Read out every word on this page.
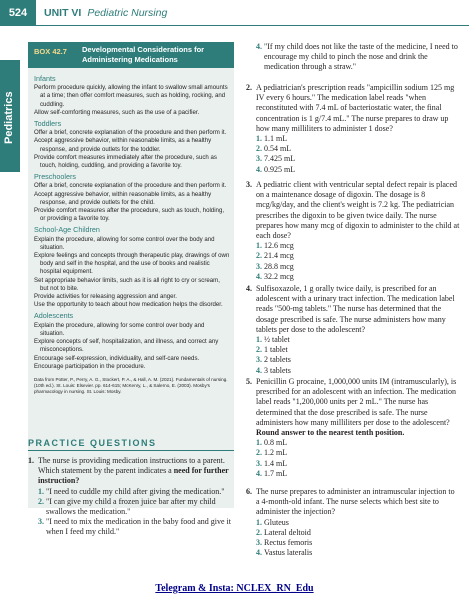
524	UNIT VI Pediatric Nursing
Pediatrics
BOX 42.7 Developmental Considerations for Administering Medications
Infants

Perform procedure quickly, allowing the infant to swallow small amounts at a time; then offer comfort measures, such as holding, rocking, and cuddling.

Allow self-comforting measures, such as the use of a pacifier.

Toddlers

Offer a brief, concrete explanation of the procedure and then perform it.

Accept aggressive behavior, within reasonable limits, as a healthy response, and provide outlets for the toddler.

Provide comfort measures immediately after the procedure, such as touch, holding, cuddling, and providing a favorite toy.

Preschoolers

Offer a brief, concrete explanation of the procedure and then perform it.

Accept aggressive behavior, within reasonable limits, as a healthy response, and provide outlets for the child.

Provide comfort measures after the procedure, such as touch, holding, or providing a favorite toy.

School-Age Children

Explain the procedure, allowing for some control over the body and situation.

Explore feelings and concepts through therapeutic play, drawings of own body and self in the hospital, and the use of books and realistic hospital equipment.

Set appropriate behavior limits, such as it is all right to cry or scream, but not to bite.

Provide activities for releasing aggression and anger.

Use the opportunity to teach about how medication helps the disorder.

Adolescents

Explain the procedure, allowing for some control over body and situation.

Explore concepts of self, hospitalization, and illness, and correct any misconceptions.

Encourage self-expression, individuality, and self-care needs.

Encourage participation in the procedure.

Data from Potter, P., Perry, A. G., Stockert, P. A., & Hall, A. M. (2021). Fundamentals of nursing. (10th ed.). St. Louis: Elsevier. pp. 614-615; McKenry, L., & Salerno, E. (2003). Mosby's pharmacology in nursing. St. Louis: Mosby.

PRACTICE QUESTIONS
1. The nurse is providing medication instructions to a parent. Which statement by the parent indicates a need for further instruction?
1. "I need to cuddle my child after giving the medication."
2. "I can give my child a frozen juice bar after my child swallows the medication."
3. "I need to mix the medication in the baby food and give it when I feed my child."
4. "If my child does not like the taste of the medicine, I need to encourage my child to pinch the nose and drink the medication through a straw."
2. A pediatrician's prescription reads "ampicillin sodium 125 mg IV every 6 hours." The medication label reads "when reconstituted with 7.4 mL of bacteriostatic water, the final concentration is 1 g/7.4 mL." The nurse prepares to draw up how many milliliters to administer 1 dose?
1. 1.1 mL
2. 0.54 mL
3. 7.425 mL
4. 0.925 mL
3. A pediatric client with ventricular septal defect repair is placed on a maintenance dosage of digoxin. The dosage is 8 mcg/kg/day, and the client's weight is 7.2 kg. The pediatrician prescribes the digoxin to be given twice daily. The nurse prepares how many mcg of digoxin to administer to the child at each dose?
1. 12.6 mcg
2. 21.4 mcg
3. 28.8 mcg
4. 32.2 mcg
4. Sulfisoxazole, 1 g orally twice daily, is prescribed for an adolescent with a urinary tract infection. The medication label reads "500-mg tablets." The nurse has determined that the dosage prescribed is safe. The nurse administers how many tablets per dose to the adolescent?
1. ½ tablet
2. 1 tablet
3. 2 tablets
4. 3 tablets
5. Penicillin G procaine, 1,000,000 units IM (intramuscularly), is prescribed for an adolescent with an infection. The medication label reads "1,200,000 units per 2 mL." The nurse has determined that the dose prescribed is safe. The nurse administers how many milliliters per dose to the adolescent? Round answer to the nearest tenth position.
1. 0.8 mL
2. 1.2 mL
3. 1.4 mL
4. 1.7 mL
6. The nurse prepares to administer an intramuscular injection to a 4-month-old infant. The nurse selects which best site to administer the injection?
1. Gluteus
2. Lateral deltoid
3. Rectus femoris
4. Vastus lateralis
Telegram & Insta: NCLEX_RN_Edu
